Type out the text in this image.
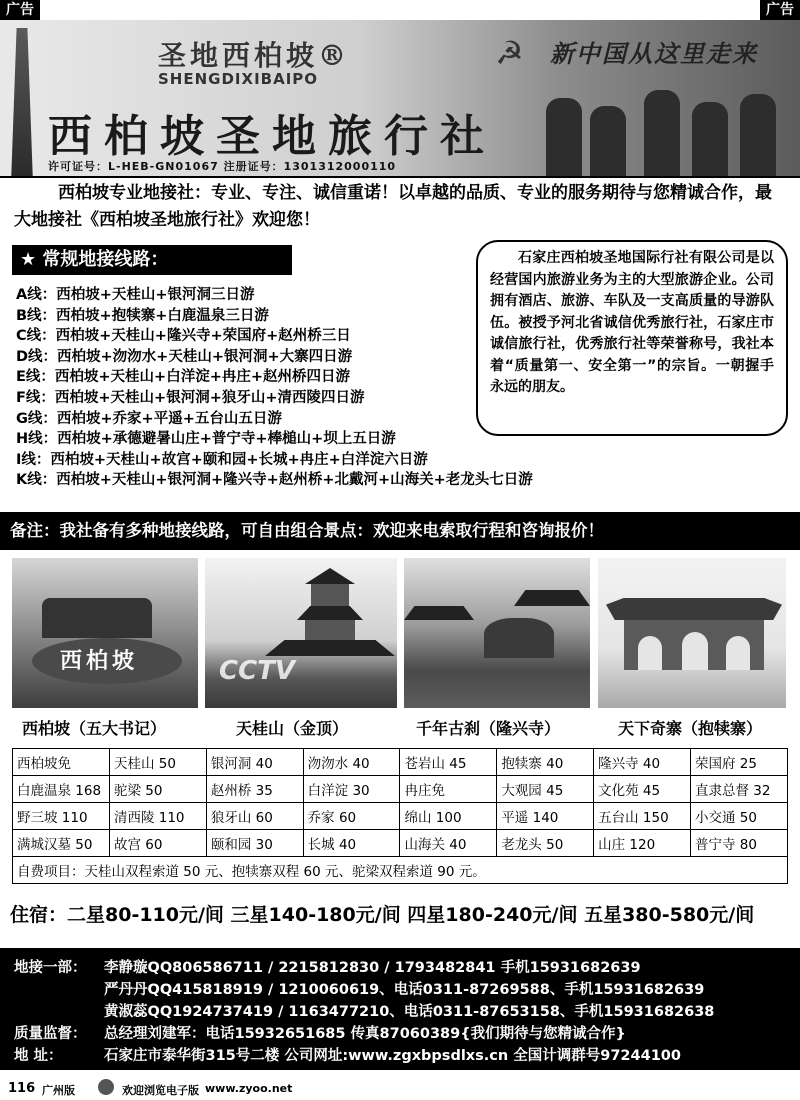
广告	广告
圣地西柏坡®
SHENGDIXIBAIPO
西柏坡圣地旅行社
许可证号：L-HEB-GN01067 注册证号：1301312000110
☭ 新中国从这里走来
西柏坡专业地接社：专业、专注、诚信重诺！以卓越的品质、专业的服务期待与您精诚合作，最大地接社《西柏坡圣地旅行社》欢迎您！
★ 常规地接线路：
A线：西柏坡+天桂山+银河洞三日游
B线：西柏坡+抱犊寨+白鹿温泉三日游
C线：西柏坡+天桂山+隆兴寺+荣国府+赵州桥三日
D线：西柏坡+沕沕水+天桂山+银河洞+大寨四日游
E线：西柏坡+天桂山+白洋淀+冉庄+赵州桥四日游
F线：西柏坡+天桂山+银河洞+狼牙山+清西陵四日游
G线：西柏坡+乔家+平遥+五台山五日游
H线：西柏坡+承德避暑山庄+普宁寺+棒槌山+坝上五日游
I线：西柏坡+天桂山+故宫+颐和园+长城+冉庄+白洋淀六日游
K线：西柏坡+天桂山+银河洞+隆兴寺+赵州桥+北戴河+山海关+老龙头七日游
石家庄西柏坡圣地国际行社有限公司是以经营国内旅游业务为主的大型旅游企业。公司拥有酒店、旅游、车队及一支高质量的导游队伍。被授予河北省诚信优秀旅行社，石家庄市诚信旅行社，优秀旅行社等荣誉称号，我社本着“质量第一、安全第一”的宗旨。一朝握手永远的朋友。
备注：我社备有多种地接线路，可自由组合景点：欢迎来电索取行程和咨询报价！
西柏坡	CCTV
西柏坡（五大书记）	天桂山（金顶）	千年古刹（隆兴寺）	天下奇寨（抱犊寨）
西柏坡免	天桂山 50	银河洞 40	沕沕水 40	苍岩山 45	抱犊寨 40	隆兴寺 40	荣国府 25
白鹿温泉 168	驼梁 50	赵州桥 35	白洋淀 30	冉庄免	大观园 45	文化苑 45	直隶总督 32
野三坡 110	清西陵 110	狼牙山 60	乔家 60	绵山 100	平遥 140	五台山 150	小交通 50
满城汉墓 50	故宫 60	颐和园 30	长城 40	山海关 40	老龙头 50	山庄 120	普宁寺 80
自费项目：天桂山双程索道 50 元、抱犊寨双程 60 元、驼梁双程索道 90 元。							
住宿：二星80-110元/间 三星140-180元/间 四星180-240元/间 五星380-580元/间
地接一部： 李静璇QQ806586711 / 2215812830 / 1793482841 手机15931682639
严丹丹QQ415818919 / 1210060619、电话0311-87269588、手机15931682639
黄淑蕊QQ1924737419 / 1163477210、电话0311-87653158、手机15931682638
质量监督： 总经理刘建军：电话15932651685 传真87060389{我们期待与您精诚合作}
地 址：	石家庄市泰华街315号二楼 公司网址:www.zgxbpsdlxs.cn 全国计调群号97244100
116 广州版	欢迎浏览电子版 www.zyoo.net
